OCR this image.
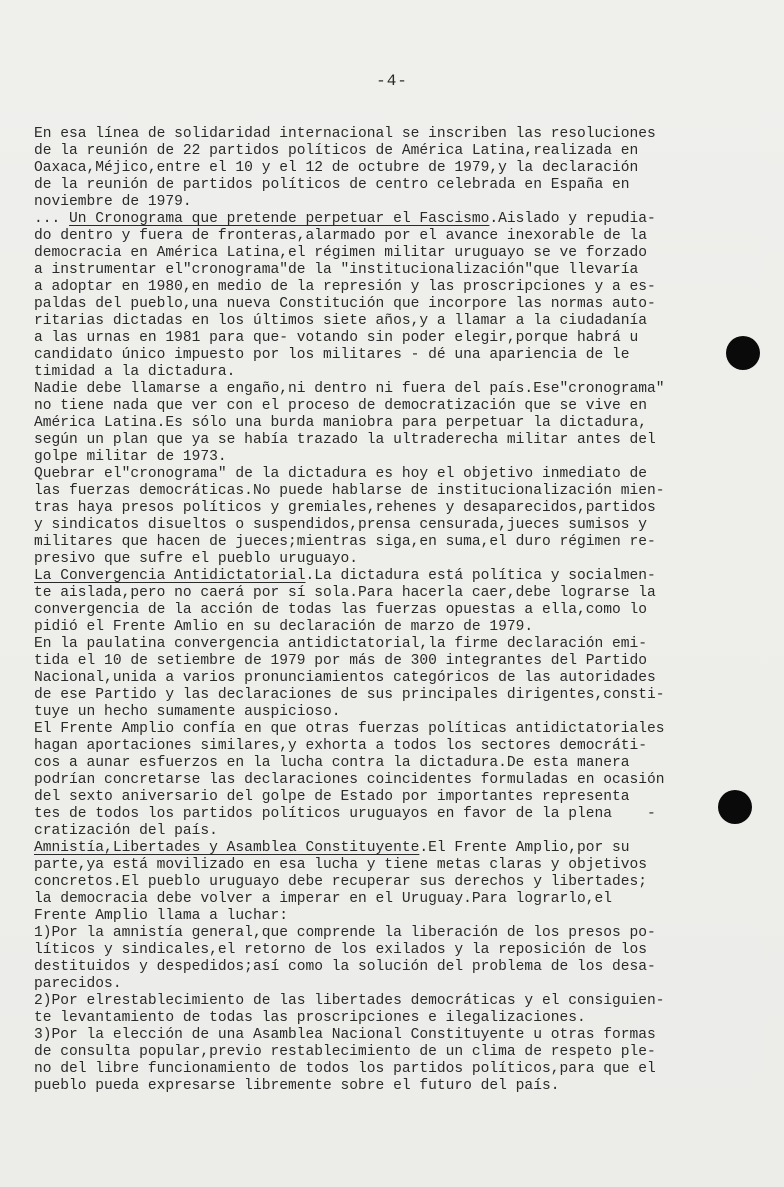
-4-
En esa línea de solidaridad internacional se inscriben las resoluciones
de la reunión de 22 partidos políticos de América Latina,realizada en
Oaxaca,Méjico,entre el 10 y el 12 de octubre de 1979,y la declaración
de la reunión de partidos políticos de centro celebrada en España en
noviembre de 1979.
... Un Cronograma que pretende perpetuar el Fascismo.Aislado y repudia-
do dentro y fuera de fronteras,alarmado por el avance inexorable de la
democracia en América Latina,el régimen militar uruguayo se ve forzado
a instrumentar el"cronograma"de la "institucionalización"que llevaría
a adoptar en 1980,en medio de la represión y las proscripciones y a es-
paldas del pueblo,una nueva Constitución que incorpore las normas auto-
ritarias dictadas en los últimos siete años,y a llamar a la ciudadanía
a las urnas en 1981 para que- votando sin poder elegir,porque habrá u
candidato único impuesto por los militares - dé una apariencia de le
timidad a la dictadura.
Nadie debe llamarse a engaño,ni dentro ni fuera del país.Ese"cronograma"
no tiene nada que ver con el proceso de democratización que se vive en
América Latina.Es sólo una burda maniobra para perpetuar la dictadura,
según un plan que ya se había trazado la ultraderecha militar antes del
golpe militar de 1973.
Quebrar el"cronograma" de la dictadura es hoy el objetivo inmediato de
las fuerzas democráticas.No puede hablarse de institucionalización mien-
tras haya presos políticos y gremiales,rehenes y desaparecidos,partidos
y sindicatos disueltos o suspendidos,prensa censurada,jueces sumisos y
militares que hacen de jueces;mientras siga,en suma,el duro régimen re-
presivo que sufre el pueblo uruguayo.
La Convergencia Antidictatorial.La dictadura está política y socialmen-
te aislada,pero no caerá por sí sola.Para hacerla caer,debe lograrse la
convergencia de la acción de todas las fuerzas opuestas a ella,como lo
pidió el Frente Amlio en su declaración de marzo de 1979.
En la paulatina convergencia antidictatorial,la firme declaración emi-
tida el 10 de setiembre de 1979 por más de 300 integrantes del Partido
Nacional,unida a varios pronunciamientos categóricos de las autoridades
de ese Partido y las declaraciones de sus principales dirigentes,consti-
tuye un hecho sumamente auspicioso.
El Frente Amplio confía en que otras fuerzas políticas antidictatoriales
hagan aportaciones similares,y exhorta a todos los sectores democráti-
cos a aunar esfuerzos en la lucha contra la dictadura.De esta manera
podrían concretarse las declaraciones coincidentes formuladas en ocasión
del sexto aniversario del golpe de Estado por importantes representa
tes de todos los partidos políticos uruguayos en favor de la plena    -
cratización del país.
Amnistía,Libertades y Asamblea Constituyente.El Frente Amplio,por su
parte,ya está movilizado en esa lucha y tiene metas claras y objetivos
concretos.El pueblo uruguayo debe recuperar sus derechos y libertades;
la democracia debe volver a imperar en el Uruguay.Para lograrlo,el
Frente Amplio llama a luchar:
1)Por la amnistía general,que comprende la liberación de los presos po-
líticos y sindicales,el retorno de los exilados y la reposición de los
destituidos y despedidos;así como la solución del problema de los desa-
parecidos.
2)Por elrestablecimiento de las libertades democráticas y el consiguien-
te levantamiento de todas las proscripciones e ilegalizaciones.
3)Por la elección de una Asamblea Nacional Constituyente u otras formas
de consulta popular,previo restablecimiento de un clima de respeto ple-
no del libre funcionamiento de todos los partidos políticos,para que el
pueblo pueda expresarse libremente sobre el futuro del país.
